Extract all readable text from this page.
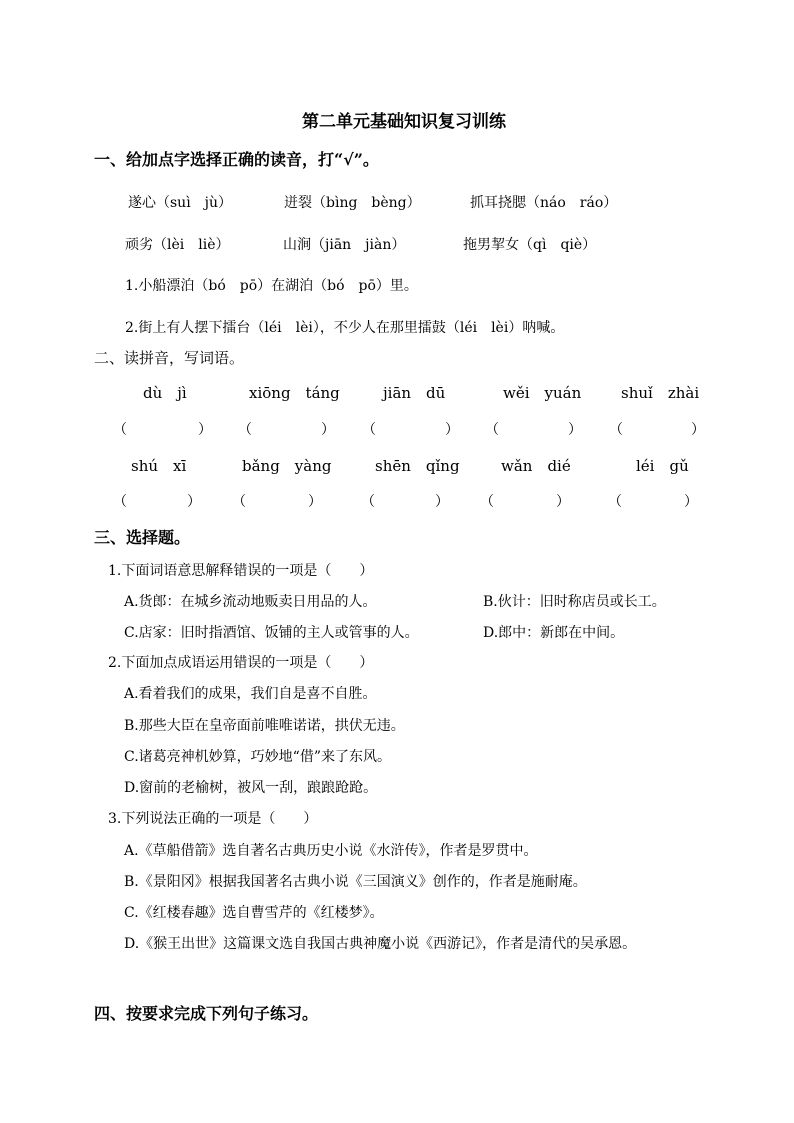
第二单元基础知识复习训练
一、给加点字选择正确的读音，打“√”。
遂心（suì　jù）	迸裂（bìng　bèng）	抓耳挠腮（náo　ráo）
顽劣（lèi　liè）	山涧（jiān　jiàn）	拖男挈女（qì　qiè）
1.小船漂泊（bó　pō）在湖泊（bó　pō）里。
2.街上有人摆下擂台（léi　lèi），不少人在那里擂鼓（léi　lèi）呐喊。
二、读拼音，写词语。
dù　jì	xiōng　táng	jiān　dū	wěi　yuán	shuǐ　zhài
（	） （	） （	） （	） （	）
shú　xī	bǎng　yàng	shēn　qǐng	wǎn　dié	léi　gǔ
（	） （	）	（	） （	）	（	）
三、选择题。
1.下面词语意思解释错误的一项是（　　）
A.货郎：在城乡流动地贩卖日用品的人。	B.伙计：旧时称店员或长工。
C.店家：旧时指酒馆、饭铺的主人或管事的人。	D.郎中：新郎在中间。
2.下面加点成语运用错误的一项是（　　）
A.看着我们的成果，我们自是喜不自胜。
B.那些大臣在皇帝面前唯唯诺诺，拱伏无违。
C.诸葛亮神机妙算，巧妙地“借”来了东风。
D.窗前的老榆树，被风一刮，踉踉跄跄。
3.下列说法正确的一项是（　　）
A.《草船借箭》选自著名古典历史小说《水浒传》，作者是罗贯中。
B.《景阳冈》根据我国著名古典小说《三国演义》创作的，作者是施耐庵。
C.《红楼春趣》选自曹雪芹的《红楼梦》。
D.《猴王出世》这篇课文选自我国古典神魔小说《西游记》，作者是清代的吴承恩。
四、按要求完成下列句子练习。
